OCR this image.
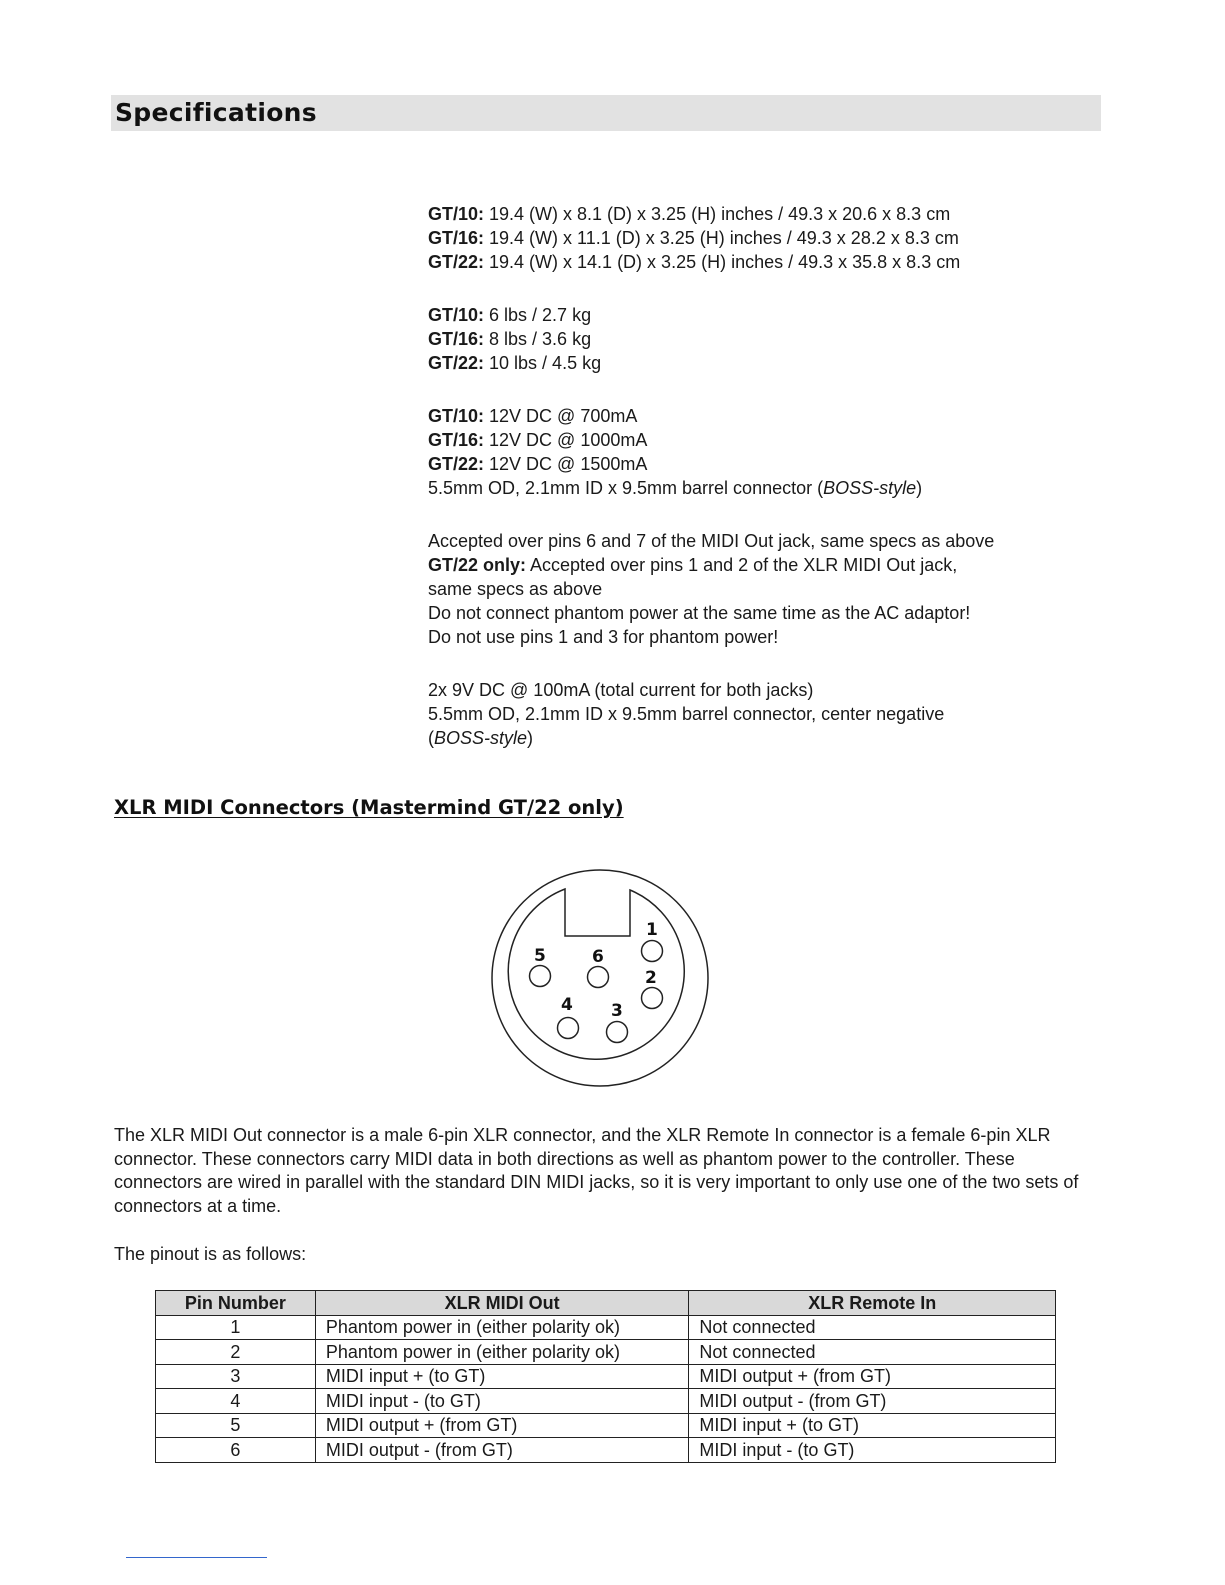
Specifications
GT/10: 19.4 (W) x 8.1 (D) x 3.25 (H) inches / 49.3 x 20.6 x 8.3 cm
GT/16: 19.4 (W) x 11.1 (D) x 3.25 (H) inches / 49.3 x 28.2 x 8.3 cm
GT/22: 19.4 (W) x 14.1 (D) x 3.25 (H) inches / 49.3 x 35.8 x 8.3 cm
GT/10: 6 lbs / 2.7 kg
GT/16: 8 lbs / 3.6 kg
GT/22: 10 lbs / 4.5 kg
GT/10: 12V DC @ 700mA
GT/16: 12V DC @ 1000mA
GT/22: 12V DC @ 1500mA
5.5mm OD, 2.1mm ID x 9.5mm barrel connector (BOSS-style)
Accepted over pins 6 and 7 of the MIDI Out jack, same specs as above
GT/22 only: Accepted over pins 1 and 2 of the XLR MIDI Out jack,
same specs as above
Do not connect phantom power at the same time as the AC adaptor!
Do not use pins 1 and 3 for phantom power!
2x 9V DC @ 100mA (total current for both jacks)
5.5mm OD, 2.1mm ID x 9.5mm barrel connector, center negative
(BOSS-style)
XLR MIDI Connectors (Mastermind GT/22 only)
1
2
3
4
5	6

The XLR MIDI Out connector is a male 6-pin XLR connector, and the XLR Remote In connector is a female 6-pin XLR connector. These connectors carry MIDI data in both directions as well as phantom power to the controller. These connectors are wired in parallel with the standard DIN MIDI jacks, so it is very important to only use one of the two sets of connectors at a time.

The pinout is as follows:

Pin Number	XLR MIDI Out	XLR Remote In
1	Phantom power in (either polarity ok)	Not connected
2	Phantom power in (either polarity ok)	Not connected
3	MIDI input + (to GT)	MIDI output + (from GT)
4	MIDI input - (to GT)	MIDI output - (from GT)
5	MIDI output + (from GT)	MIDI input + (to GT)
6	MIDI output - (from GT)	MIDI input - (to GT)
